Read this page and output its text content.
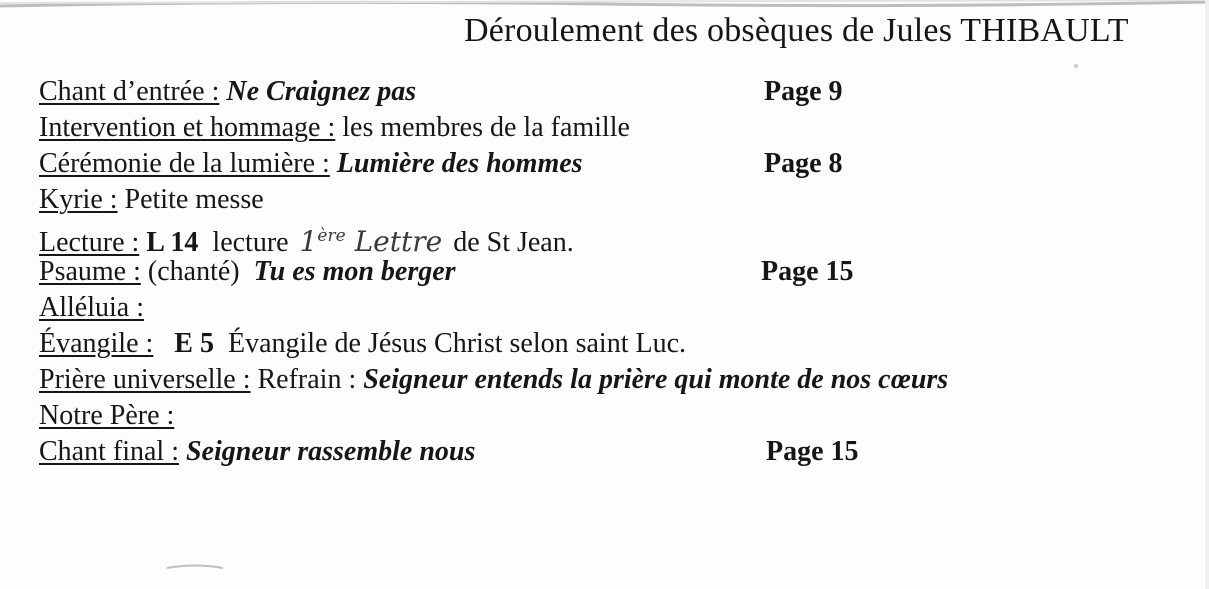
Déroulement des obsèques de Jules THIBAULT
Chant d’entrée : Ne Craignez pas	Page 9
Intervention et hommage : les membres de la famille
Cérémonie de la lumière : Lumière des hommes	Page 8
Kyrie : Petite messe
Lecture : L 14 lecture 1ère Lettre de St Jean.
Psaume : (chanté) Tu es mon berger	Page 15
Alléluia :
Évangile : E 5 Évangile de Jésus Christ selon saint Luc.
Prière universelle : Refrain : Seigneur entends la prière qui monte de nos cœurs
Notre Père :
Chant final : Seigneur rassemble nous	Page 15
